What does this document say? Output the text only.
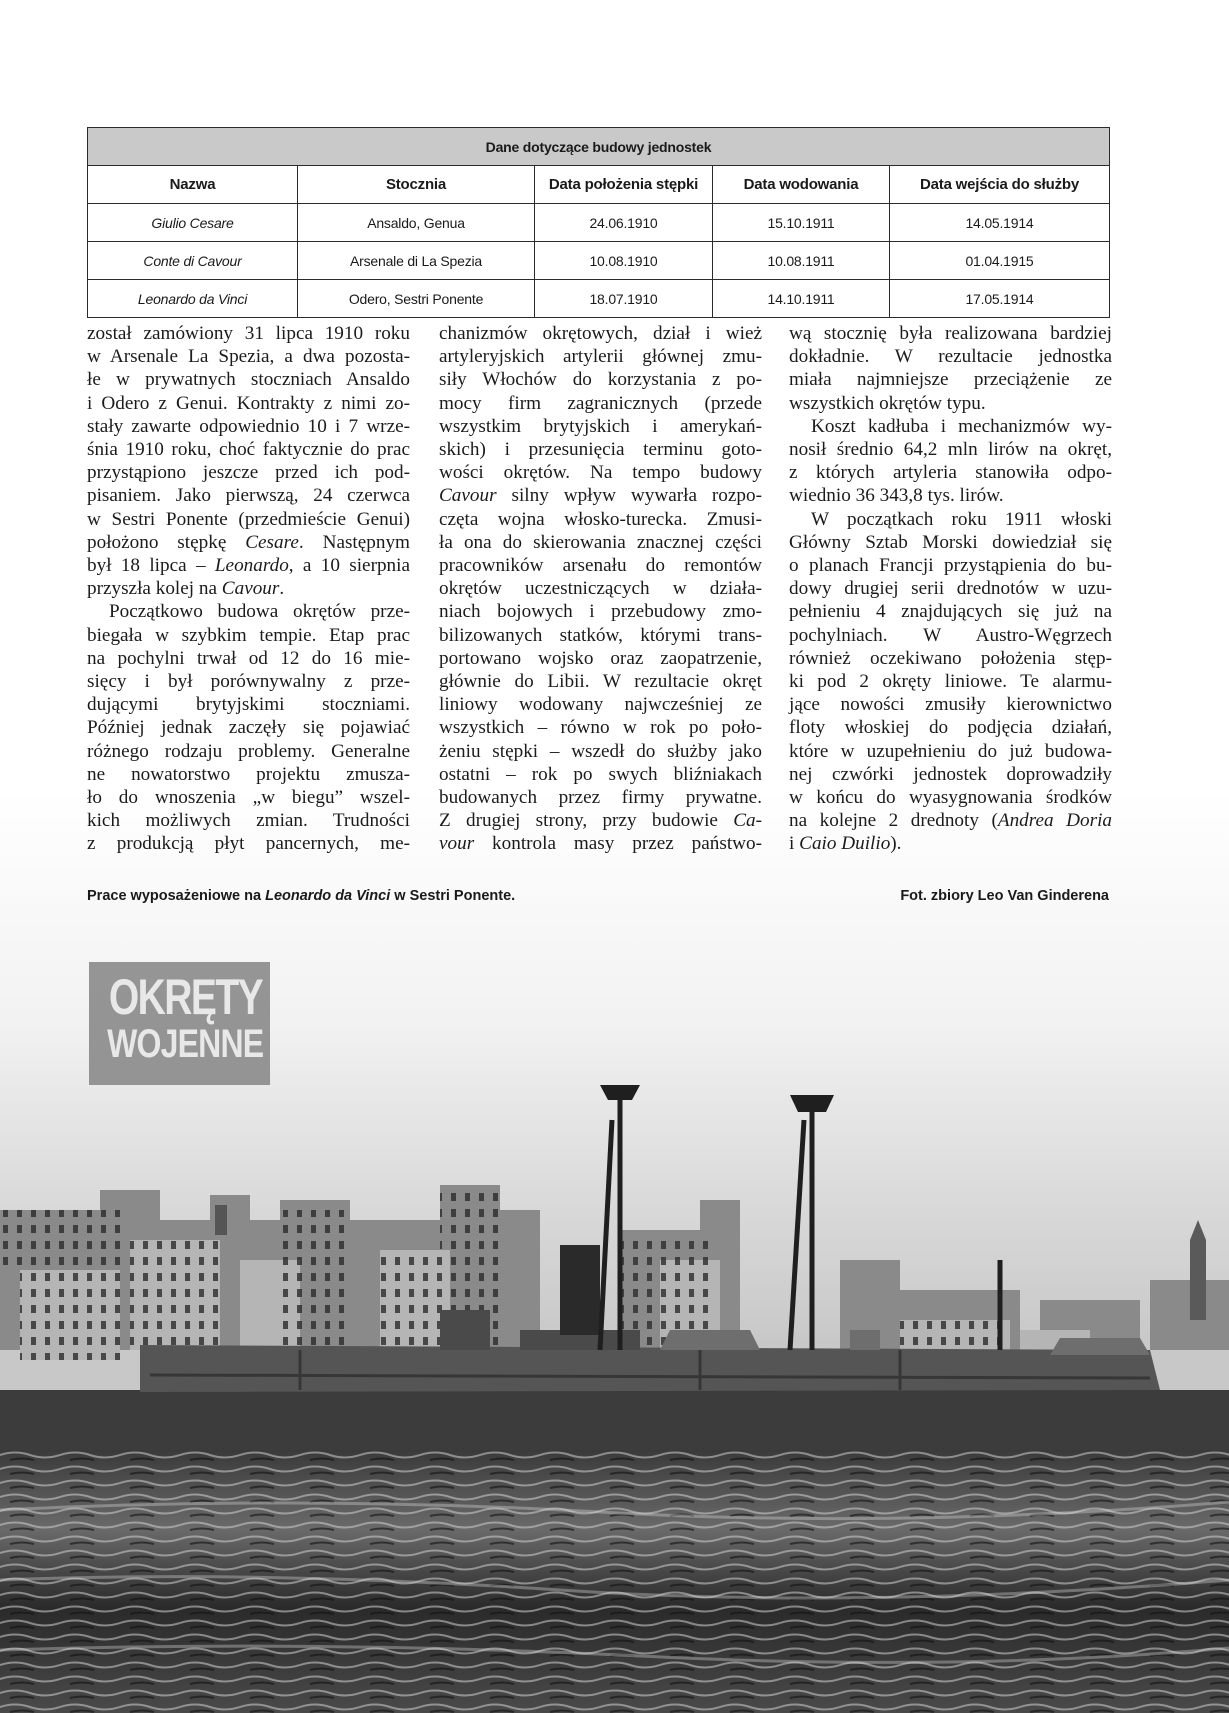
OKRĘTY
WOJENNE
Dane dotyczące budowy jednostek				
Nazwa	Stocznia	Data położenia stępki	Data wodowania	Data wejścia do służby
Giulio Cesare	Ansaldo, Genua	24.06.1910	15.10.1911	14.05.1914
Conte di Cavour	Arsenale di La Spezia	10.08.1910	10.08.1911	01.04.1915
Leonardo da Vinci	Odero, Sestri Ponente	18.07.1910	14.10.1911	17.05.1914
został zamówiony 31 lipca 1910 roku
w Arsenale La Spezia, a dwa pozosta-
łe w prywatnych stoczniach Ansaldo
i Odero z Genui. Kontrakty z nimi zo-
stały zawarte odpowiednio 10 i 7 wrze-
śnia 1910 roku, choć faktycznie do prac
przystąpiono jeszcze przed ich pod-
pisaniem. Jako pierwszą, 24 czerwca
w Sestri Ponente (przedmieście Genui)
położono stępkę Cesare. Następnym
był 18 lipca – Leonardo, a 10 sierpnia
przyszła kolej na Cavour.
Początkowo budowa okrętów prze-
biegała w szybkim tempie. Etap prac
na pochylni trwał od 12 do 16 mie-
sięcy i był porównywalny z prze-
dującymi brytyjskimi stoczniami.
Później jednak zaczęły się pojawiać
różnego rodzaju problemy. Generalne
ne nowatorstwo projektu zmusza-
ło do wnoszenia „w biegu” wszel-
kich możliwych zmian. Trudności
z produkcją płyt pancernych, me-
chanizmów okrętowych, dział i wież
artyleryjskich artylerii głównej zmu-
siły Włochów do korzystania z po-
mocy firm zagranicznych (przede
wszystkim brytyjskich i amerykań-
skich) i przesunięcia terminu goto-
wości okrętów. Na tempo budowy
Cavour silny wpływ wywarła rozpo-
częta wojna włosko-turecka. Zmusi-
ła ona do skierowania znacznej części
pracowników arsenału do remontów
okrętów uczestniczących w działa-
niach bojowych i przebudowy zmo-
bilizowanych statków, którymi trans-
portowano wojsko oraz zaopatrzenie,
głównie do Libii. W rezultacie okręt
liniowy wodowany najwcześniej ze
wszystkich – równo w rok po poło-
żeniu stępki – wszedł do służby jako
ostatni – rok po swych bliźniakach
budowanych przez firmy prywatne.
Z drugiej strony, przy budowie Ca-
vour kontrola masy przez państwo-
wą stocznię była realizowana bardziej
dokładnie. W rezultacie jednostka
miała najmniejsze przeciążenie ze
wszystkich okrętów typu.
Koszt kadłuba i mechanizmów wy-
nosił średnio 64,2 mln lirów na okręt,
z których artyleria stanowiła odpo-
wiednio 36 343,8 tys. lirów.
W początkach roku 1911 włoski
Główny Sztab Morski dowiedział się
o planach Francji przystąpienia do bu-
dowy drugiej serii drednotów w uzu-
pełnieniu 4 znajdujących się już na
pochylniach. W Austro-Węgrzech
również oczekiwano położenia stęp-
ki pod 2 okręty liniowe. Te alarmu-
jące nowości zmusiły kierownictwo
floty włoskiej do podjęcia działań,
które w uzupełnieniu do już budowa-
nej czwórki jednostek doprowadziły
w końcu do wyasygnowania środków
na kolejne 2 drednoty (Andrea Doria
i Caio Duilio).
Prace wyposażeniowe na Leonardo da Vinci w Sestri Ponente.	Fot. zbiory Leo Van Ginderena
